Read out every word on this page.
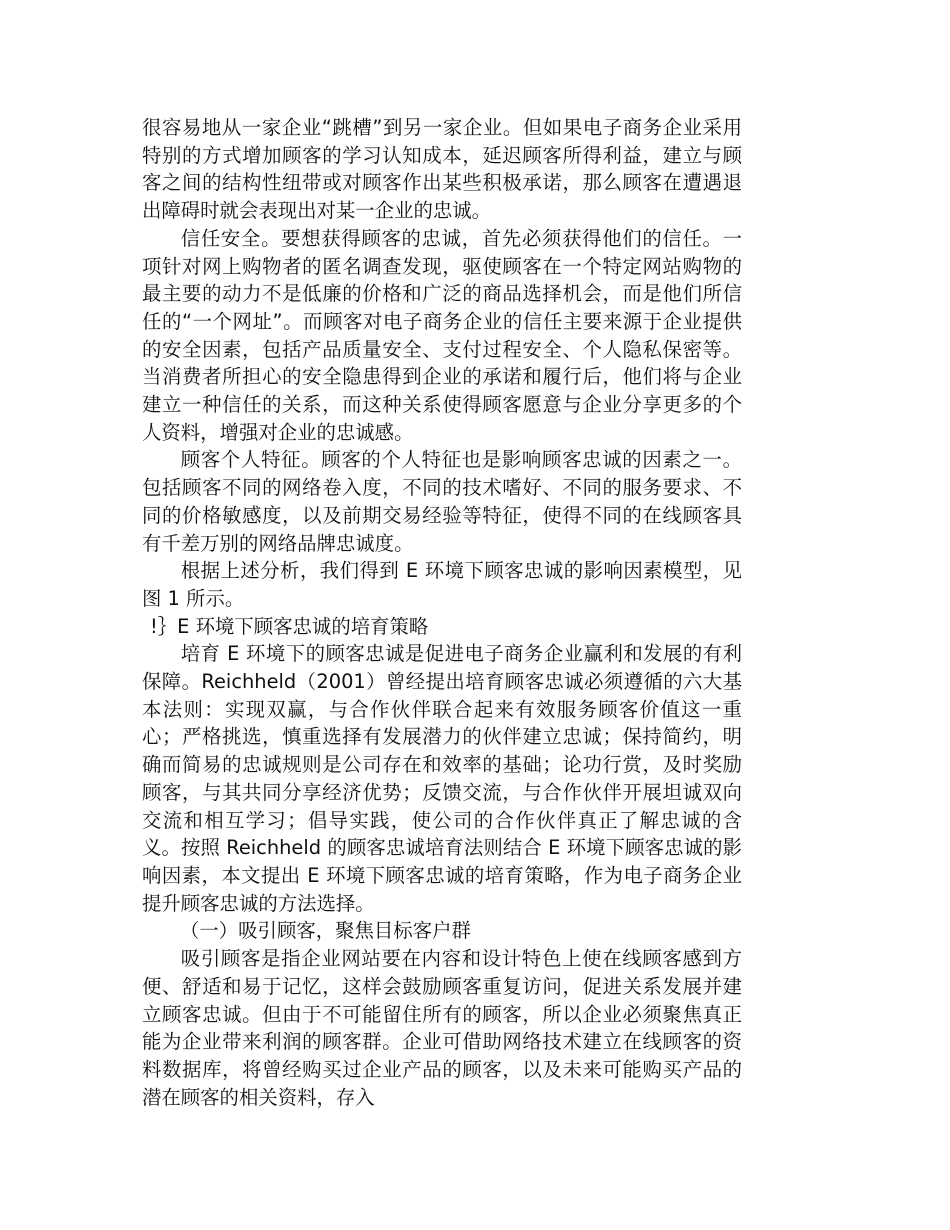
很容易地从一家企业“跳槽”到另一家企业。但如果电子商务企业采用特别的方式增加顾客的学习认知成本，延迟顾客所得利益，建立与顾客之间的结构性纽带或对顾客作出某些积极承诺，那么顾客在遭遇退出障碍时就会表现出对某一企业的忠诚。

信任安全。要想获得顾客的忠诚，首先必须获得他们的信任。一项针对网上购物者的匿名调查发现，驱使顾客在一个特定网站购物的最主要的动力不是低廉的价格和广泛的商品选择机会，而是他们所信任的“一个网址”。而顾客对电子商务企业的信任主要来源于企业提供的安全因素，包括产品质量安全、支付过程安全、个人隐私保密等。当消费者所担心的安全隐患得到企业的承诺和履行后，他们将与企业建立一种信任的关系，而这种关系使得顾客愿意与企业分享更多的个人资料，增强对企业的忠诚感。

顾客个人特征。顾客的个人特征也是影响顾客忠诚的因素之一。包括顾客不同的网络卷入度，不同的技术嗜好、不同的服务要求、不同的价格敏感度，以及前期交易经验等特征，使得不同的在线顾客具有千差万别的网络品牌忠诚度。

根据上述分析，我们得到 E 环境下顾客忠诚的影响因素模型，见图 1 所示。

!｝E 环境下顾客忠诚的培育策略

培育 E 环境下的顾客忠诚是促进电子商务企业赢利和发展的有利保障。Reichheld（2001）曾经提出培育顾客忠诚必须遵循的六大基本法则：实现双赢，与合作伙伴联合起来有效服务顾客价值这一重心；严格挑选，慎重选择有发展潜力的伙伴建立忠诚；保持简约，明确而简易的忠诚规则是公司存在和效率的基础；论功行赏，及时奖励顾客，与其共同分享经济优势；反馈交流，与合作伙伴开展坦诚双向交流和相互学习；倡导实践，使公司的合作伙伴真正了解忠诚的含义。按照 Reichheld 的顾客忠诚培育法则结合 E 环境下顾客忠诚的影响因素，本文提出 E 环境下顾客忠诚的培育策略，作为电子商务企业提升顾客忠诚的方法选择。

（一）吸引顾客，聚焦目标客户群

吸引顾客是指企业网站要在内容和设计特色上使在线顾客感到方便、舒适和易于记忆，这样会鼓励顾客重复访问，促进关系发展并建立顾客忠诚。但由于不可能留住所有的顾客，所以企业必须聚焦真正能为企业带来利润的顾客群。企业可借助网络技术建立在线顾客的资料数据库，将曾经购买过企业产品的顾客，以及未来可能购买产品的潜在顾客的相关资料，存入
